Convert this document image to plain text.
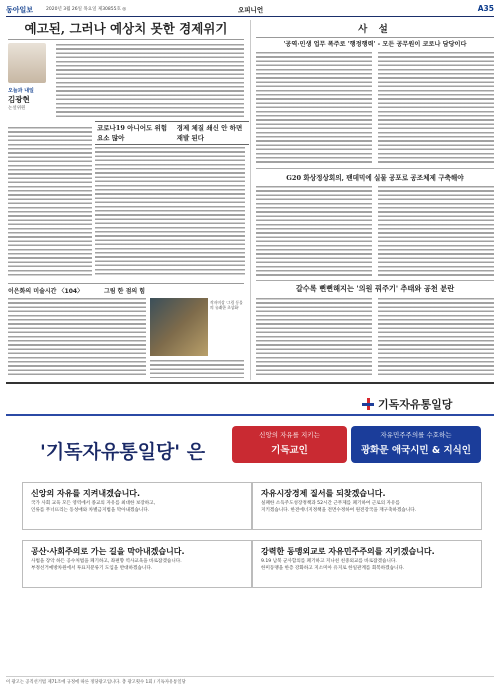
동아일보	2020년 3월 26일 목요일 제30855호 ◎	오피니언	A35
예고된, 그러나 예상치 못한 경제위기
오늘과 내일
김광현
논설위원
코로나19 아니어도 위험 요소 많아
경제 체질 쇄신 안 하면 재발 된다
이은화의 미술시간 〈104〉	그림 한 점의 힘
작자미상 '그림 동물의 유쾌한 초상화'
사 설
'공역·민생 업무 폭주로 '행정행력' - 모든 공무원이 코로나 담당이다
G20 화상정상회의, 팬데믹에 실물 공포로 공조체제 구축해야
갈수록 뻔뻔해지는 '의원 꿔주기' 추태와 공천 분란
기독자유통일당
'기독자유통일당' 은
신앙의 자유를 지키는
기독교인
자유민주주의를 수호하는
광화문 애국시민 & 지식인
신앙의 자유를 지켜내겠습니다.
국가 사회 교육 모든 영역에서 종교의 자유를 최대한 보장하고,
인류를 무너뜨리는 동성애와 차별금지법을 막아내겠습니다.
자유시장경제 질서를 되찾겠습니다.
실패한 소득주도성장정책과 52시간 근무제를 폐기하여 근로의 자유를
지키겠습니다. 한전에너지정책을 전면수정하여 원전강국을 재구축하겠습니다.
공산·사회주의로 가는 길을 막아내겠습니다.
사법을 장악 하든 공수처법을 폐기하고, 좌편향 역사교육을 바로잡겠습니다.
부정선거예방차원에서 투표지분류기 도입을 반대하겠습니다.
강력한 동맹외교로 자유민주주의를 지키겠습니다.
9.19 남북 군사합의를 폐기하고 지나친 친중외교를 바로잡겠습니다.
한미동맹을 한층 강화하고 지소미아 유지로 한일관계를 회복하겠습니다.
이 광고는 공직선거법 제71조에 규정에 따른 정당광고입니다. 총 광고횟수 1회 / 기독자유통일당
